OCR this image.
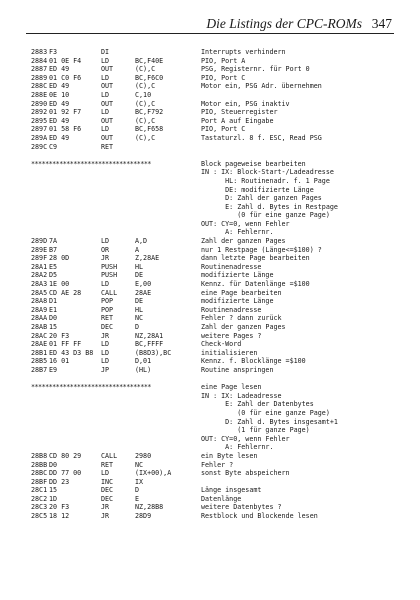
Die Listings der CPC-ROMs 347
2883 F3	DI	Interrupts verhindern
2884 01 0E F4	LD	BC,F40E	PIO, Port A
2887 ED 49	OUT	(C),C	PSG, Registernr. für Port 0
2889 01 C0 F6	LD	BC,F6C0	PIO, Port C
288C ED 49	OUT	(C),C	Motor ein, PSG Adr. übernehmen
288E 0E 10	LD	C,10
2890 ED 49	OUT	(C),C	Motor ein, PSG inaktiv
2892 01 92 F7	LD	BC,F792	PIO, Steuerregister
2895 ED 49	OUT	(C),C	Port A auf Eingabe
2897 01 58 F6	LD	BC,F658	PIO, Port C
289A ED 49	OUT	(C),C	Tastaturzl. 8 f. ESC, Read PSG
289C C9	RET
**********************************	Block pageweise bearbeiten
IN : IX: Block-Start-/Ladeadresse
HL: Routinenadr. f. 1 Page
DE: modifizierte Länge
D: Zahl der ganzen Pages
E: Zahl d. Bytes in Restpage
(0 für eine ganze Page)
OUT: CY=0, wenn Fehler
A: Fehlernr.
289D 7A	LD	A,D	Zahl der ganzen Pages
289E B7	OR	A	nur 1 Restpage (Länge<=$100) ?
289F 28 0D	JR	Z,28AE	dann letzte Page bearbeiten
28A1 E5	PUSH	HL	Routinenadresse
28A2 D5	PUSH	DE	modifizierte Länge
28A3 1E 00	LD	E,00	Kennz. für Datenlänge =$100
28A5 CD AE 28	CALL	28AE	eine Page bearbeiten
28A8 D1	POP	DE	modifizierte Länge
28A9 E1	POP	HL	Routinenadresse
28AA D0	RET	NC	Fehler ? dann zurück
28AB 15	DEC	D	Zahl der ganzen Pages
28AC 20 F3	JR	NZ,28A1	weitere Pages ?
28AE 01 FF FF	LD	BC,FFFF	Check-Word
28B1 ED 43 D3 B8 LD	(B8D3),BC	initialisieren
28B5 16 01	LD	D,01	Kennz. f. Blocklänge =$100
28B7 E9	JP	(HL)	Routine anspringen
**********************************	eine Page lesen
IN : IX: Ladeadresse
E: Zahl der Datenbytes
(0 für eine ganze Page)
D: Zahl d. Bytes insgesamt+1
(1 für ganze Page)
OUT: CY=0, wenn Fehler
A: Fehlernr.
28B8 CD 80 29	CALL	2980	ein Byte lesen
28BB D0	RET	NC	Fehler ?
28BC DD 77 00	LD	(IX+00),A	sonst Byte abspeichern
28BF DD 23	INC	IX
28C1 15	DEC	D	Länge insgesamt
28C2 1D	DEC	E	Datenlänge
28C3 20 F3	JR	NZ,28B8	weitere Datenbytes ?
28C5 18 12	JR	28D9	Restblock und Blockende lesen
